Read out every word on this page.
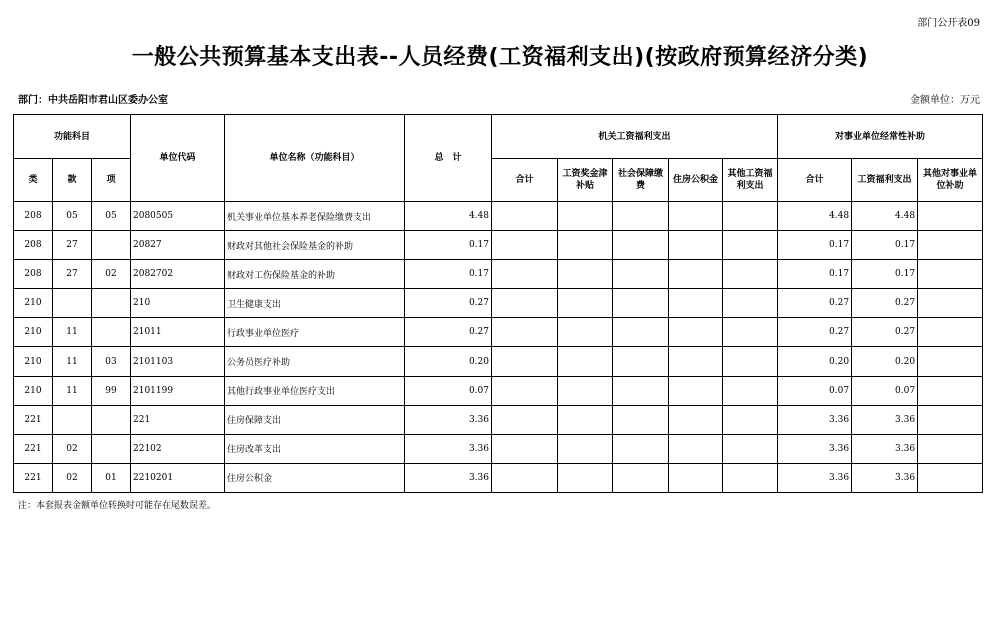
部门公开表09
一般公共预算基本支出表--人员经费(工资福利支出)(按政府预算经济分类)
部门：中共岳阳市君山区委办公室	金额单位：万元
功能科目			单位代码	单位名称（功能科目）	总　计	机关工资福利支出					对事业单位经常性补助		
类	款	项				合计	工资奖金津补贴	社会保障缴费	住房公积金	其他工资福利支出	合计	工资福利支出	其他对事业单位补助
208	05	05	2080505	机关事业单位基本养老保险缴费支出	4.48						4.48	4.48	
208	27		20827	财政对其他社会保险基金的补助	0.17						0.17	0.17	
208	27	02	2082702	财政对工伤保险基金的补助	0.17						0.17	0.17	
210			210	卫生健康支出	0.27						0.27	0.27	
210	11		21011	行政事业单位医疗	0.27						0.27	0.27	
210	11	03	2101103	公务员医疗补助	0.20						0.20	0.20	
210	11	99	2101199	其他行政事业单位医疗支出	0.07						0.07	0.07	
221			221	住房保障支出	3.36						3.36	3.36	
221	02		22102	住房改革支出	3.36						3.36	3.36	
221	02	01	2210201	住房公积金	3.36						3.36	3.36	
注：本套报表金额单位转换时可能存在尾数误差。
